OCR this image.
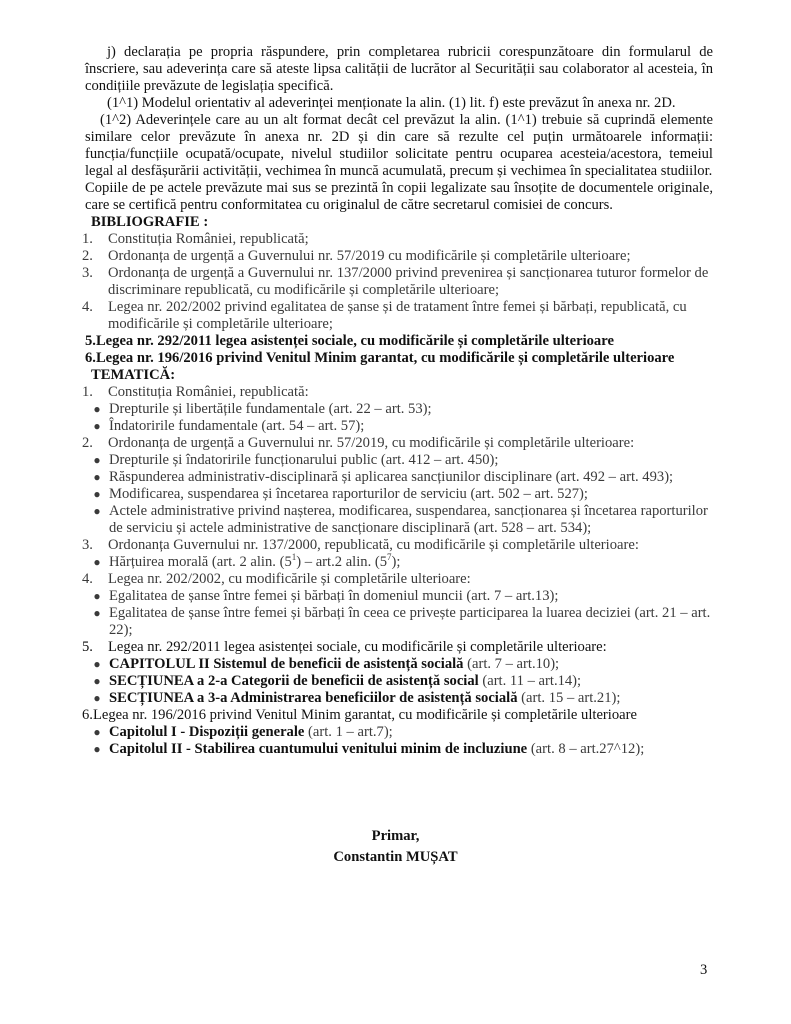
j) declarația pe propria răspundere, prin completarea rubricii corespunzătoare din formularul de înscriere, sau adeverința care să ateste lipsa calității de lucrător al Securității sau colaborator al acesteia, în condițiile prevăzute de legislația specifică.

(1^1) Modelul orientativ al adeverinței menționate la alin. (1) lit. f) este prevăzut în anexa nr. 2D.

(1^2) Adeverințele care au un alt format decât cel prevăzut la alin. (1^1) trebuie să cuprindă elemente similare celor prevăzute în anexa nr. 2D și din care să rezulte cel puțin următoarele informații: funcția/funcțiile ocupată/ocupate, nivelul studiilor solicitate pentru ocuparea acesteia/acestora, temeiul legal al desfășurării activității, vechimea în muncă acumulată, precum și vechimea în specialitatea studiilor.

Copiile de pe actele prevăzute mai sus se prezintă în copii legalizate sau însoțite de documentele originale, care se certifică pentru conformitatea cu originalul de către secretarul comisiei de concurs.

BIBLIOGRAFIE :

1.	Constituția României, republicată;
2.	Ordonanța de urgență a Guvernului nr. 57/2019 cu modificările și completările ulterioare;
3.	Ordonanța de urgență a Guvernului nr. 137/2000 privind prevenirea și sancționarea tuturor formelor de discriminare republicată, cu modificările și completările ulterioare;
4.	Legea nr. 202/2002 privind egalitatea de șanse și de tratament între femei și bărbați, republicată, cu modificările și completările ulterioare;

5.Legea nr. 292/2011 legea asistenței sociale, cu modificările și completările ulterioare

6.Legea nr. 196/2016 privind Venitul Minim garantat, cu modificările și completările ulterioare

TEMATICĂ:

1.	Constituția României, republicată:
● Drepturile și libertățile fundamentale (art. 22 – art. 53);
● Îndatoririle fundamentale (art. 54 – art. 57);
2.	Ordonanța de urgență a Guvernului nr. 57/2019, cu modificările și completările ulterioare:
● Drepturile și îndatoririle funcționarului public (art. 412 – art. 450);
● Răspunderea administrativ-disciplinară și aplicarea sancțiunilor disciplinare (art. 492 – art. 493);
● Modificarea, suspendarea și încetarea raporturilor de serviciu (art. 502 – art. 527);
● Actele administrative privind nașterea, modificarea, suspendarea, sancționarea și încetarea raporturilor de serviciu și actele administrative de sancționare disciplinară (art. 528 – art. 534);
3.	Ordonanța Guvernului nr. 137/2000, republicată, cu modificările și completările ulterioare:
● Hărțuirea morală (art. 2 alin. $(5^1) - art.2$ alin. $(5^7)$;
4.	Legea nr. 202/2002, cu modificările și completările ulterioare:
● Egalitatea de șanse între femei și bărbați în domeniul muncii (art. 7 – art.13);
● Egalitatea de șanse între femei și bărbați în ceea ce privește participarea la luarea deciziei (art. 21 – art. 22);
5.	Legea nr. 292/2011 legea asistenței sociale, cu modificările și completările ulterioare:
● CAPITOLUL II Sistemul de beneficii de asistență socială (art. 7 – art.10);
● SECȚIUNEA a 2-a Categorii de beneficii de asistență social (art. 11 – art.14);
● SECȚIUNEA a 3-a Administrarea beneficiilor de asistență socială (art. 15 – art.21);

6.Legea nr. 196/2016 privind Venitul Minim garantat, cu modificările și completările ulterioare

● Capitolul I - Dispoziții generale (art. 1 – art.7);
● Capitolul II - Stabilirea cuantumului venitului minim de incluziune (art. 8 – art.27^12);
Primar,
Constantin MUȘAT
3
